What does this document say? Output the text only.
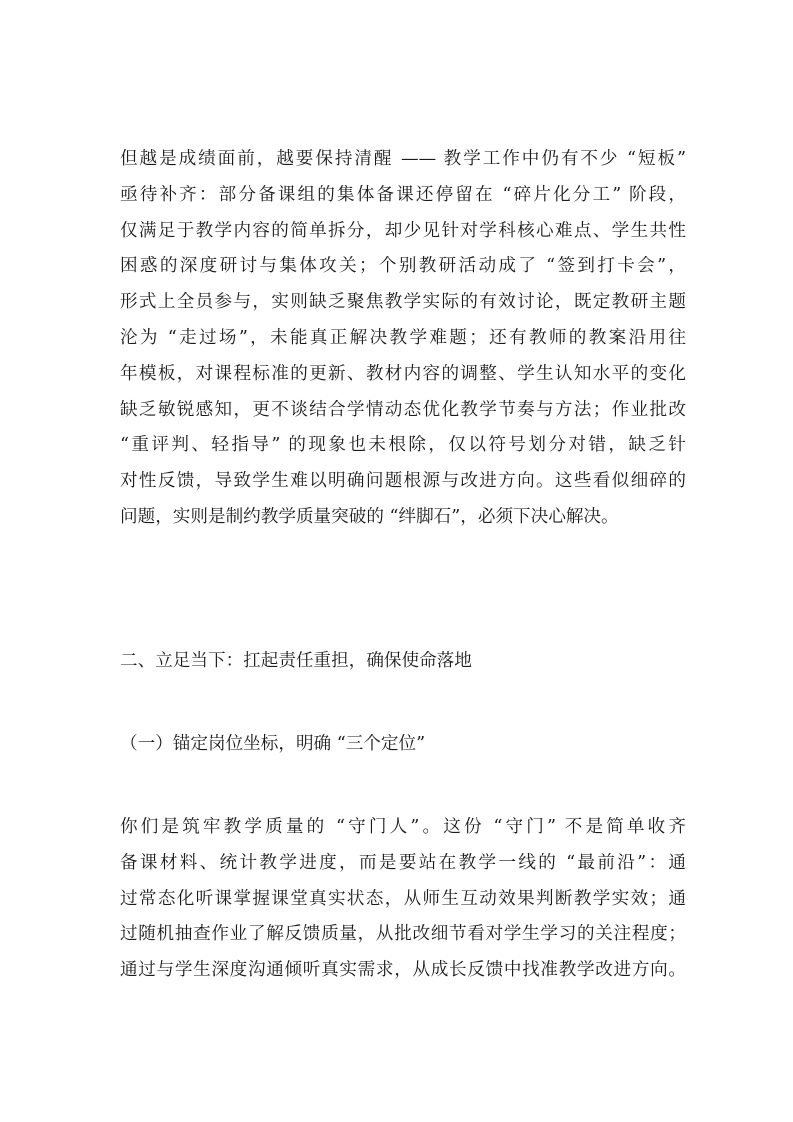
但越是成绩面前，越要保持清醒 —— 教学工作中仍有不少 “短板”
亟待补齐：部分备课组的集体备课还停留在 “碎片化分工” 阶段，
仅满足于教学内容的简单拆分，却少见针对学科核心难点、学生共性
困惑的深度研讨与集体攻关；个别教研活动成了 “签到打卡会”，
形式上全员参与，实则缺乏聚焦教学实际的有效讨论，既定教研主题
沦为 “走过场”，未能真正解决教学难题；还有教师的教案沿用往
年模板，对课程标准的更新、教材内容的调整、学生认知水平的变化
缺乏敏锐感知，更不谈结合学情动态优化教学节奏与方法；作业批改
“重评判、轻指导” 的现象也未根除，仅以符号划分对错，缺乏针
对性反馈，导致学生难以明确问题根源与改进方向。这些看似细碎的
问题，实则是制约教学质量突破的 “绊脚石”，必须下决心解决。
二、立足当下：扛起责任重担，确保使命落地
（一）锚定岗位坐标，明确 “三个定位”
你们是筑牢教学质量的 “守门人”。这份 “守门” 不是简单收齐
备课材料、统计教学进度，而是要站在教学一线的 “最前沿”：通
过常态化听课掌握课堂真实状态，从师生互动效果判断教学实效；通
过随机抽查作业了解反馈质量，从批改细节看对学生学习的关注程度；
通过与学生深度沟通倾听真实需求，从成长反馈中找准教学改进方向。
